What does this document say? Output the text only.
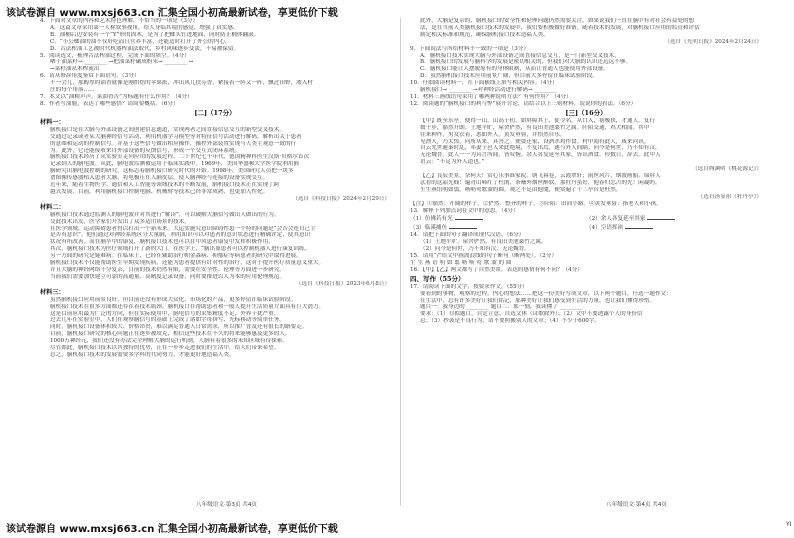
该试卷源自 www.mxsj663.cn 汇集全国小初高最新试卷，享更低价下载
4．下面对文章的内容和艺术特色理解，不恰当的一项是（3分）
A．这篇文章采用第一人称叙事视角，给人身临其境的感觉，增强了真实感。
B．油桶后边安装有一个“Y”形的固木，是为了把榔头钉进地面，同时防止桶体翻滚。
C．“小公榔油的油不仅好吃而且营养丰富，还能适时打开了外公的内心。
D．古法榨油工艺被时代机器榨油法取代，乡村风味逐步变淡，不易被保留。
5．阅读选文，梳理古法榨油过程，完成下面的填空。（4分）
晒干油菜籽→ ________ →把油菜籽碾成粉末→ ________ →
→菜籽油从木榨流出
6．请从修辞角度鉴赏下面语句。（3分）
不一会儿，那醇厚的油香就像是刚烘焙的苹果派，冲出风儿扶芬香，紧接着一阵又一阵，飘过田野，渗入村
庄的每个角落……
7．本文以“油粮声声，菜油香否”为标题有什么作用？（4分）
8．作者写油鹿，表达了哪些感悟？请简要概括。（6分）
[二]（17分）
材料一：
脑机接口是在大脑与外部设备之间创建信息通道，实现两者之间直接信息交互的新型交叉技术。
交通过记录或者某大脑神经信号活动，利用机器学习模型等对特征信号活动进行解码，解析出关于患者
的意图和运动的控制信号。并基于这些信号做出相应操作，操控外部装置实现与人类主观意一致的行
为。此外，它还能接收来自外部设备的反馈信号，形成一个交互式闭环系统。
脑机接口技术经历了从实验室走向应用的发展过程。二十世纪七十年代，德国精神科医生汉斯·贝格尔首次
记录到人的脑电波。从此，脑电波监测被运用于临床实践中。1969年，美国华盛顿大学医学院利用猴
脑研究出脑电波控制的研究，这标志着脑机接口研究时代的开始。1998年，美国研究人员把一块多
谱图像传感器植入患者大脑，将电极压在人脑皮层，使人脑神经与连接的设备实现交互。
近年来，随着生物医学、通信和人工智能等领域技术的不断发展，脑机接口技术正在实现了跨
越式发展，目前，利用脑机接口控制电脑、机械臂等技术已经非常成熟，也更加人性化。
（选自《科技日报》2024年2月29日）
材料二：
脑机接口技术通过监测人的脑电波并对其进行“解读”，可以破解大脑信号做出人做出的行为。
交此技术出发，医学家们开发出了众多适用场景的技术。
在医学领域，运动障碍患者得以打出一个新未来。大运实施究意识障碍性患一个特的问题是“会否会连自己主
是否有意识”。他们通过对神经系统区分大量脑，利用知识可以对患者的意识状态进行精确评定，使其意识
状况有所改善。而在脑卒中的康复，脑机接口技术也可以在中风患者康复中发挥积极作用。
其次，脑机接口技术为医疗领域打开了新的大门。在医学上，“脑出血患者可以控制机器人进行康复训练。
另一方面的研究是疑难病。在临床上，已经在辅助治疗帕金森病、抑郁症等病患者的研究中取得进展。
脑机接口技术不仅能帮助医生早期发现疾病，还能为患者提供有针对性的治疗，这对于提升医疗质量意义重大。
并且大脑的神经网络十分复杂，目前的技术仍然有限，需要在安全性、伦理等方面进一步研究。
当前我们需要加快建立可靠的高通量、高精度记录设备，同时要推进以人为本的应用伦理规范。
（选自《科技日报》2023年6月8日）
材料三：
虽然脑机接口应用前景良好，但目前还没有形成大众化、市场化的产品，更多停留在临床试验阶段。
脑机接口技术在很多方面都还存在着技术瓶颈。脑机接口在帮助患者和一般人提升生活质量方面具有巨大潜力。
这是目前应用最为广泛的方向，但在实际使用中，脑电信号的采集精度不足，外界干扰严重。
过去几年在实验室中，人们在观察脑信号的基础上完成了诸如字母拼写、光标移动等简单任务。
同时，脑机接口设备体积较大、价格昂贵，难以满足普通人日常需求，所以推广普及还有很长的路要走。
目前，脑机接口研究的核心问题正在逐步被攻克，相信这些技术在不久的将来能够惠及更多的人。
1000万神经元，我们还没有办法完全理解大脑的运行机制，人脑有着很多的未知区域有待探索。
尽管如此，脑机接口技术以其独特的优势，正在一步步走进我们的生活中，给人们带来希望。
总之，脑机接口技术的发展需要多学科的共同努力，才能更好地造福人类。
此外，大脑是复杂的，脑机接口的安全性和伦理问题仍然需要关注。如果说我们一直在脑中有对社会有益处的想
法，是在当前人类脑机接口技术的发展中，我们要积极做好准备。随着技术的发展，对脑机接口应用的监管和评估
制定相关标准和规范，确保脑机接口技术造福人类。
（选自《光明日报》2024年2月24日）
9．下面说法与所给材料不一致的一项是（3分）
A．脑机接口技术实现大脑与外部设备之间直接信息交互，是一门新型交叉技术。
B．脑机接口的发展与脑科学的发展是密切相关的，但我们对大脑的认识还远远不够。
C．脑机接口能让人摆脱原有的身体限制，从而让普通人也能使用外部设备。
D．虽然脑机接口技术应用前景广阔，但目前大多停留在临床试验阶段。
10．仔细阅读材料一，在下面横线上填写相关内容。（4分）
脑机接口→ ________ →对神经活动进行解码→ ________
11．材料三画线语句采用了哪两种说明方法？有何作用？（4分）
12．阅读题的“脑机接口的利与弊”展开讨论，请结合以上三则材料，说说你的看法。（6分）
[三]（16分）
【甲】既至乐亭，便得一山，山高十仞，如屏障其上，徙令名，从口入，初极狭，才通人。复行
数十步，豁然开朗。土地平旷，屋舍俨然，有良田美池桑竹之属。阡陌交通，鸡犬相闻。其中
往来种作，男女衣着，悉如外人。黄发垂髫，并怡然自乐。
见渔人，乃大惊，问所从来，具答之。便要还家，设酒杀鸡作食。村中闻有此人，咸来问讯。
自云先世避秦时乱，率妻子邑人来此绝境，不复出焉，遂与外人间隔。问今是何世，乃不知有汉，
无论魏晋。此人一一为具言所闻，皆叹惋。余人各复延至其家，皆出酒食。停数日，辞去。此中人
语云：“不足为外人道也。”
（选自陶渊明《桃花源记》）
【乙】良辰美景，奈何天！赏心乐事谁家院。朝飞暮卷，云霞翠轩；雨丝风片，烟波画船。锦屏人
忒看的这韶光贱！遍青山啼红了杜鹃，荼蘼外烟丝醉软。那牡丹虽好，他春归怎占的先！闲凝眄，
生生燕语明如翦，呖呖莺歌溜的圆。观之不足由他缱，便赏遍了十二亭台是枉然。
（选自汤显祖《牡丹亭》）
【注】①豁然：开阔的样子。②俨然：整齐的样子。③阡陌：田间小路。④黄发垂髫：指老人和小孩。
13．解释下列加点词在文中的意思。（4分）
（1）仿佛若有光	（2）余人各复延至其家
（3）临溪捕鱼	（4）空语挥袂
14．请把下面的句子翻译成现代汉语。（6分）
（1）土地平旷，屋舍俨然，有良田美池桑竹之属。
（2）问今是何世，乃不知有汉，无论魏晋。
15．请用“/”给文中画波浪线的句子断句（断两处）。（2分）
生 生 燕 语 明 如 翦 呖 呖 莺 歌 溜 的 圆
16．【甲】【乙】两文都写了自然美景，表达的感情有何不同？（4分）
四、写作（55分）
17．请阅读下面的文字，按要求作文。（55分）
要看到的事物，观察的过程，内心的想法……把这一份美好写成文章，以下两个题目，任选一题作文：
在生活中，总有许多美好让我们铭记，那种美好让我们感受到生活的力量，也让我们懂得珍惜。
题目一：我身边的 ________ 题目二：那一刻，我读懂了 ________
要求：（1）自拟题目，自定立意，自选文体（诗歌除外）；（2）文中不要透露个人的身份信
息；（3）抄袭是不良行为，请不要照搬别人的文章；（4）不少于600字。
八年级语文·第3页 共4页	八年级语文·第4页 共4页
该试卷源自 www.mxsj663.cn 汇集全国小初高最新试卷，享更低价下载	YI
